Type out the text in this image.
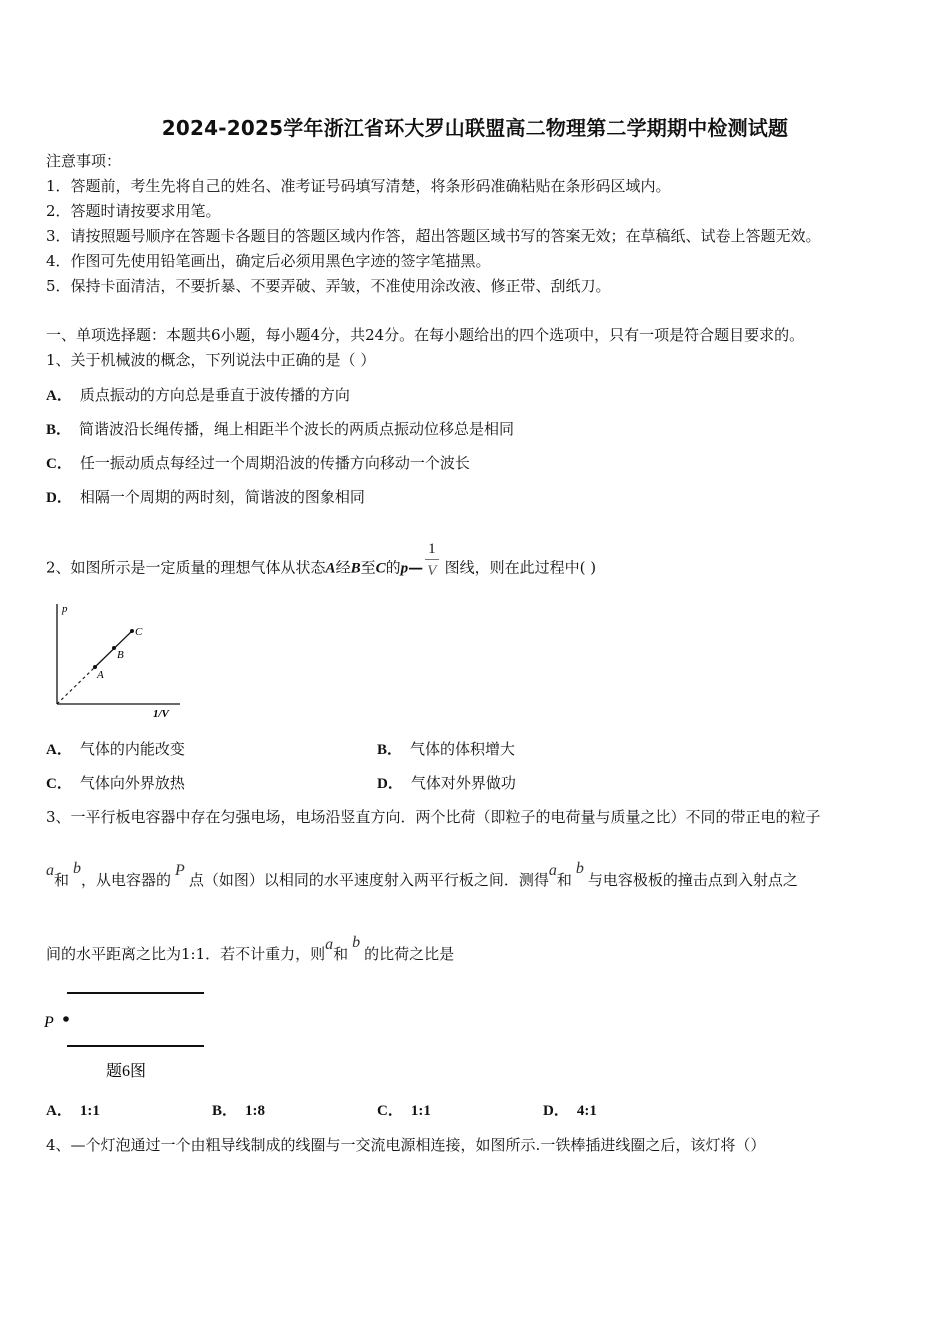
2024-2025学年浙江省环大罗山联盟高二物理第二学期期中检测试题
注意事项：
1．答题前，考生先将自己的姓名、准考证号码填写清楚，将条形码准确粘贴在条形码区域内。
2．答题时请按要求用笔。
3．请按照题号顺序在答题卡各题目的答题区域内作答，超出答题区域书写的答案无效；在草稿纸、试卷上答题无效。
4．作图可先使用铅笔画出，确定后必须用黑色字迹的签字笔描黑。
5．保持卡面清洁，不要折暴、不要弄破、弄皱，不准使用涂改液、修正带、刮纸刀。
一、单项选择题：本题共6小题，每小题4分，共24分。在每小题给出的四个选项中，只有一项是符合题目要求的。
1、关于机械波的概念，下列说法中正确的是（ ）
A． 质点振动的方向总是垂直于波传播的方向
B． 简谐波沿长绳传播，绳上相距半个波长的两质点振动位移总是相同
C． 任一振动质点每经过一个周期沿波的传播方向移动一个波长
D． 相隔一个周期的两时刻，简谐波的图象相同
2、如图所示是一定质量的理想气体从状态A经B至C的p— $\frac{1}{V}$ 图线，则在此过程中( )
p
1/V
A
B
C
A． 气体的内能改变	B． 气体的体积增大
C． 气体向外界放热	D． 气体对外界做功
3、一平行板电容器中存在匀强电场，电场沿竖直方向．两个比荷（即粒子的电荷量与质量之比）不同的带正电的粒子
a和b，从电容器的P点（如图）以相同的水平速度射入两平行板之间．测得a和b与电容极板的撞击点到入射点之
间的水平距离之比为1:1．若不计重力，则a和b的比荷之比是
P
题6图
A． 1:1	B． 1:8	C． 1:1	D． 4:1
4、—个灯泡通过一个由粗导线制成的线圈与一交流电源相连接，如图所示.一铁棒插进线圈之后，该灯将（）
